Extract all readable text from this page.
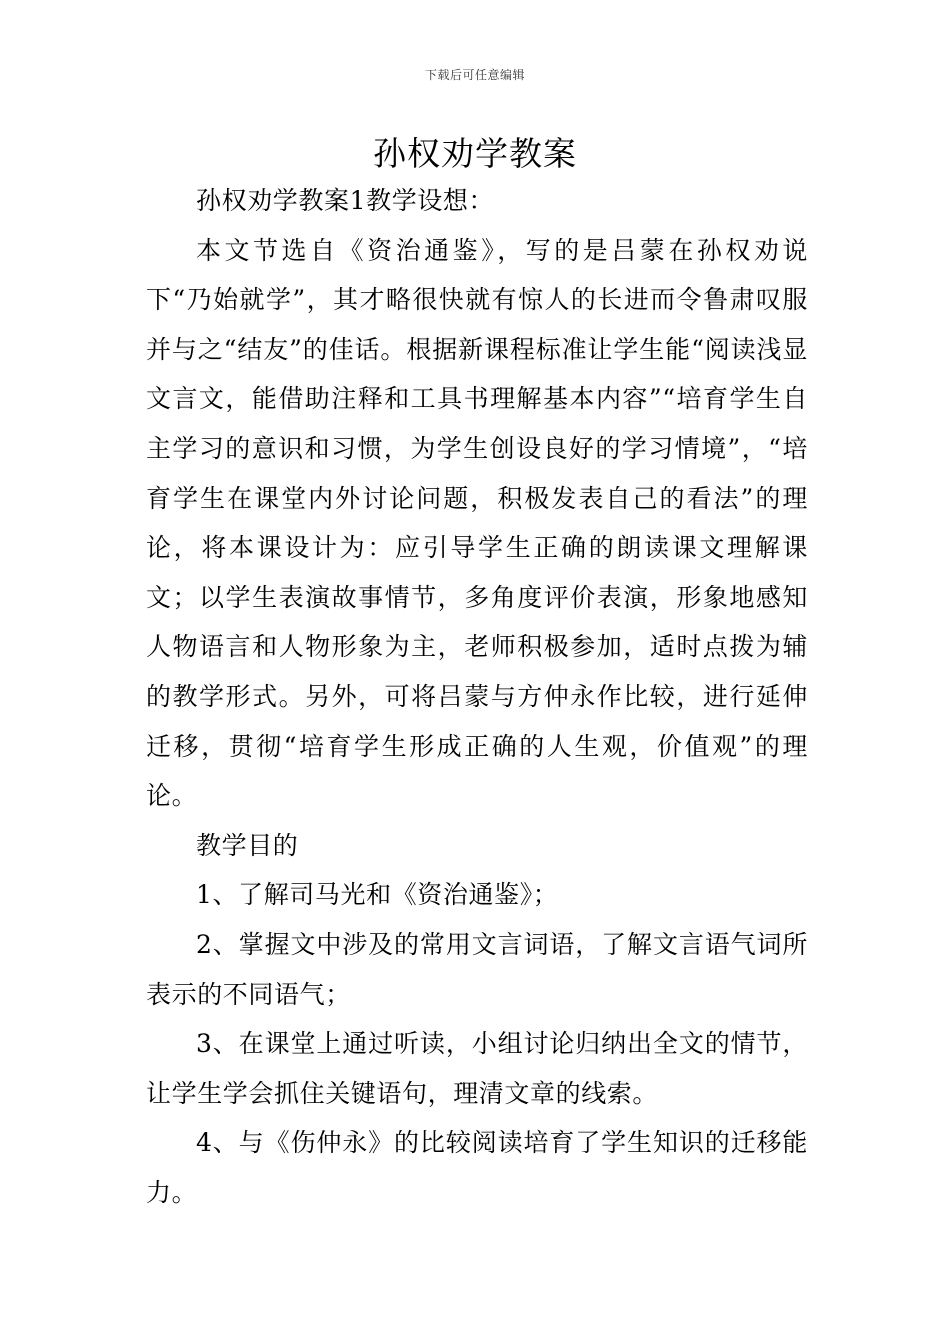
下载后可任意编辑
孙权劝学教案

孙权劝学教案1教学设想：

本文节选自《资治通鉴》，写的是吕蒙在孙权劝说下“乃始就学”，其才略很快就有惊人的长进而令鲁肃叹服并与之“结友”的佳话。根据新课程标准让学生能“阅读浅显文言文，能借助注释和工具书理解基本内容”“培育学生自主学习的意识和习惯，为学生创设良好的学习情境”，“培育学生在课堂内外讨论问题，积极发表自己的看法”的理论，将本课设计为：应引导学生正确的朗读课文理解课文；以学生表演故事情节，多角度评价表演，形象地感知人物语言和人物形象为主，老师积极参加，适时点拨为辅的教学形式。另外，可将吕蒙与方仲永作比较，进行延伸迁移，贯彻“培育学生形成正确的人生观，价值观”的理论。

教学目的

1、了解司马光和《资治通鉴》；

2、掌握文中涉及的常用文言词语，了解文言语气词所表示的不同语气；

3、在课堂上通过听读，小组讨论归纳出全文的情节，让学生学会抓住关键语句，理清文章的线索。

4、与《伤仲永》的比较阅读培育了学生知识的迁移能力。
